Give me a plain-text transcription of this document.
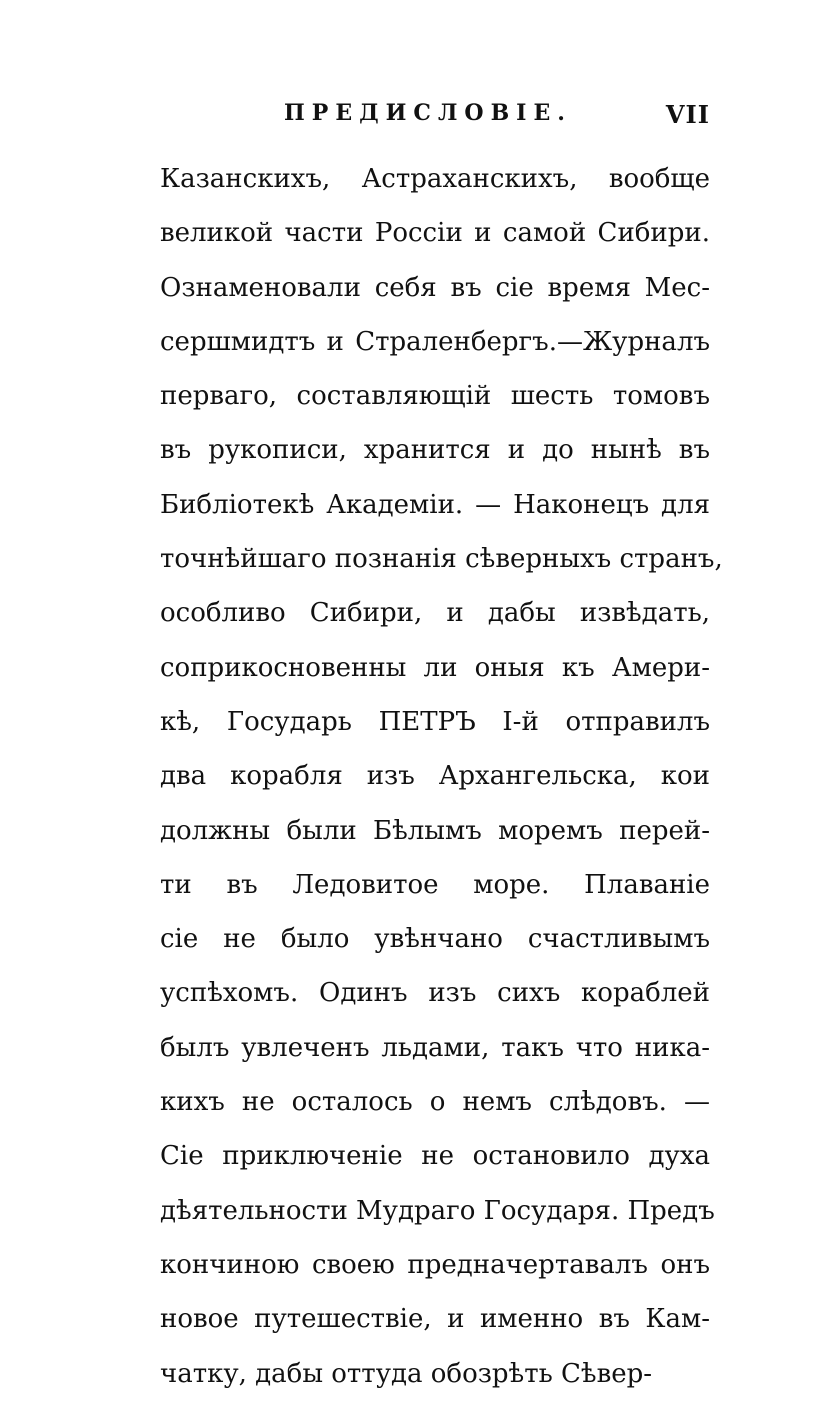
ПРЕДИСЛОВІЕ.	VII
Казанскихъ, Астраханскихъ, вообще
великой части Россіи и самой Сибири.
Ознаменовали себя въ сіе время Мес-
сершмидтъ и Страленбергъ.—Журналъ
перваго, составляющій шесть томовъ
въ рукописи, хранится и до нынѣ въ
Библіотекѣ Академіи. — Наконецъ для
точнѣйшаго познанія сѣверныхъ странъ,
особливо Сибири, и дабы извѣдать,
соприкосновенны ли оныя къ Амери-
кѣ, Государь ПЕТРЪ І-й отправилъ
два корабля изъ Архангельска, кои
должны были Бѣлымъ моремъ перей-
ти въ Ледовитое море. Плаваніе
сіе не было увѣнчано счастливымъ
успѣхомъ. Одинъ изъ сихъ кораблей
былъ увлеченъ льдами, такъ что никa-
кихъ не осталось о немъ слѣдовъ. —
Сіе приключеніе не остановило духа
дѣятельности Мудраго Государя. Предъ
кончиною своею предначертавалъ онъ
новое путешествіе, и именно въ Кам-
чатку, дабы оттуда обозрѣть Сѣвер-
